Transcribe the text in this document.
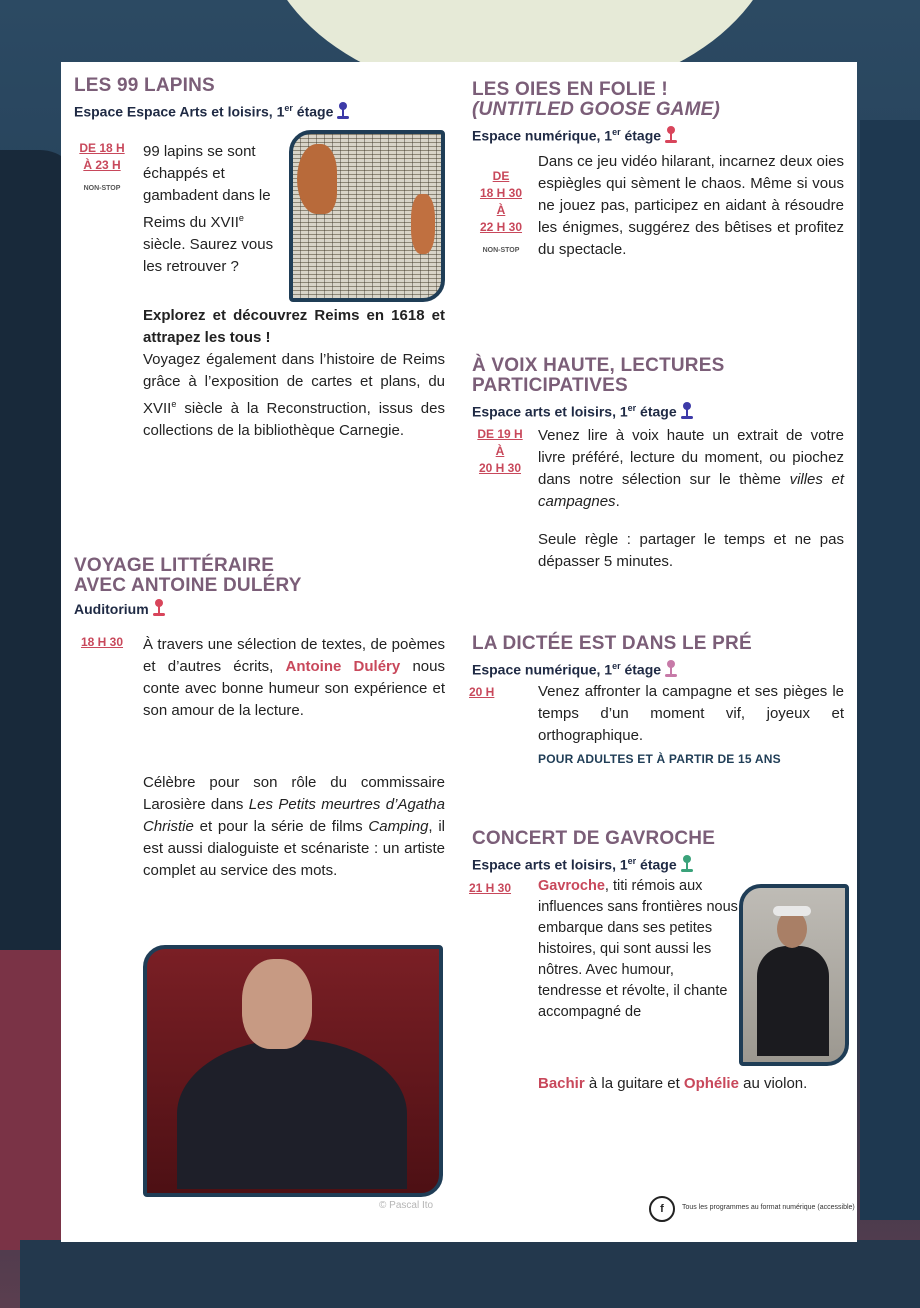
LES 99 LAPINS
Espace Espace Arts et loisirs, 1er étage
DE 18 H
À 23 H
NON-STOP
99 lapins se sont échappés et gambadent dans le Reims du XVIIe siècle. Saurez vous les retrouver ?
Explorez et découvrez Reims en 1618 et attrapez les tous !
Voyagez également dans l’histoire de Reims grâce à l’exposition de cartes et plans, du XVIIe siècle à la Reconstruction, issus des collections de la bibliothèque Carnegie.
VOYAGE LITTÉRAIRE
AVEC ANTOINE DULÉRY
Auditorium
18 H 30	À travers une sélection de textes, de poèmes et d’autres écrits, Antoine Duléry nous conte avec bonne humeur son expérience et son amour de la lecture.
Célèbre pour son rôle du commissaire Larosière dans Les Petits meurtres d’Agatha Christie et pour la série de films Camping, il est aussi dialoguiste et scénariste : un artiste complet au service des mots.
© Pascal Ito
LES OIES EN FOLIE !
(UNTITLED GOOSE GAME)
Espace numérique, 1er étage
DE
18 H 30
À
22 H 30
NON-STOP
Dans ce jeu vidéo hilarant, incarnez deux oies espiègles qui sèment le chaos. Même si vous ne jouez pas, participez en aidant à résoudre les énigmes, suggérez des bêtises et profitez du spectacle.
À VOIX HAUTE, LECTURES
PARTICIPATIVES
Espace arts et loisirs, 1er étage
DE 19 H
À
20 H 30
Venez lire à voix haute un extrait de votre livre préféré, lecture du moment, ou piochez dans notre sélection sur le thème villes et campagnes.
Seule règle : partager le temps et ne pas dépasser 5 minutes.
LA DICTÉE EST DANS LE PRÉ
Espace numérique, 1er étage
20 H	Venez affronter la campagne et ses pièges le temps d’un moment vif, joyeux et orthographique.
POUR ADULTES ET À PARTIR DE 15 ANS
CONCERT DE GAVROCHE
Espace arts et loisirs, 1er étage
21 H 30	Gavroche, titi rémois aux influences sans frontières nous embarque dans ses petites histoires, qui sont aussi les nôtres. Avec humour, tendresse et révolte, il chante accompagné de
Bachir à la guitare et Ophélie au violon.
f	Tous les programmes au format numérique (accessible)
